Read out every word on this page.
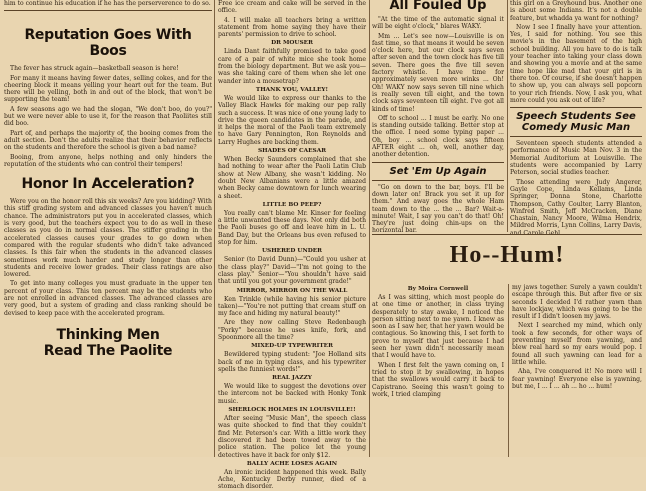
him to continue his education if he has the perserverence to do so.

Reputation Goes With Boos

The fever has struck again—basketball season is here!

For many it means having fewer dates, selling cokes, and for the cheering block it means yelling your heart out for the team. But there will be yelling, both in and out of the block, that won't be supporting the team!

A few seasons ago we had the slogan, "We don't boo, do you?" but we were never able to use it, for the reason that Paoliites still did boo.

Part of, and perhaps the majority of, the booing comes from the adult section. Don't the adults realize that their behavior reflects on the students and therefore the school is given a bad name?

Booing, from anyone, helps nothing and only hinders the reputation of the students who can control their tempers!

Honor In Acceleration?

Were you on the honor roll this six weeks? Are you kidding? With this stiff grading system and advanced classes you haven't much chance. The administrators put you in accelerated classes, which is very good, but the teachers expect you to do as well in these classes as you do in normal classes. The stiffer grading in the accelerated classes causes your grades to go down when compared with the regular students who didn't take advanced classes. Is this fair when the students in the advanced classes sometimes work much harder and study longer than other students and receive lower grades. Their class ratings are also lowered.

To get into many colleges you must graduate in the upper ten percent of your class. This ten percent may be the students who are not enrolled in advanced classes. The advanced classes are very good, but a system of grading and class ranking should be devised to keep pace with the accelerated program.

Thinking Men Read The Paolite

Free ice cream and cake will be served in the office.

4. I will make all teachers bring a written statement from home saying they have their parents' permission to drive to school.

DR MOUSER

Linda Dant faithfully promised to take good care of a pair of white mice she took home from the biology department. But we ask you—was she taking care of them when she let one wander into a mousetrap?

THANK YOU, VALLEY!

We would like to express our thanks to the Valley Black Hawks for making our pep rally such a success. It was nice of one young lady to drive the queen candidates in the parade, and it helps the moral of the Paoli team extremely to have Gary Pennington, Ron Reynolds and Larry Hughes are backing them.

SHADES OF CAESAR

When Becky Saunders complained that she had nothing to wear after the Paoli Latin Club show at New Albany, she wasn't kidding. No doubt New Albanians were a little amazed when Becky came downtown for lunch wearing a sheet.

LITTLE BO PEEP?

You really can't blame Mr. Kinser for feeling a little unwanted these days. Not only did both the Paoli buses go off and leave him in L. U. Band Day, but the Orleans bus even refused to stop for him.

USHERED UNDER

Senior (to David Dunn)—"Could you usher at the class play?" David—"I'm not going to the class play." Senior—"You shouldn't have said that until you got your government grade!"

MIRROR, MIRROR ON THE WALL

Ken Trinkle (while having his senior picture taken)—"You're not putting that cream stuff on my face and hiding my natural beauty!"

Are they now calling Steve Redenbaugh "Porky" because he uses knife, fork, and Spoonmore all the time?

MIXED-UP TYPEWRITER

Bewildered typing student: "Joe Holland sits back of me in typing class, and his typewriter spells the funniest words!"

REAL JAZZY

We would like to suggest the devotions over the intercom not be backed with Honky Tonk music.

SHERLOCK HOLMES IN LOUISVILLE!!

After seeing "Music Man", the speech class was quite shocked to find that they couldn't find Mr. Peterson's car. With a little work they discovered it had been towed away to the police station. The police let the young detectives have it back for only $12.

BALLY ACHE LOSES AGAIN

An ironic incident happened this week. Bally Ache, Kentucky Derby runner, died of a stomach disorder.

All Fouled Up

"At the time of the automatic signal it will be eight o'clock," blares WAKY.

Mm ... Let's see now—Louisville is on fast time, so that means it would be seven o'clock here, but our clock says seven after seven and the town clock has five till seven. There goes the five till seven factory whistle. I have time for approximately seven more winks ... Oh! Oh! WAKY now says seven till nine which is really seven till eight, and the town clock says seventeen till eight. I've got all kinds of time!

Off to school ... I must be early. No one is standing outside talking. Better stop at the office. I need some typing paper ... Oh, boy ... school clock says fifteen AFTER eight ... oh, well, another day, another detention.

Set 'Em Up Again

"Go on down to the bar, boys. I'll be down later on! Brack you set it up for them." And away goes the whole Ham team down to the ... the ... Bar? Wait-a-minute! Wait, I say you can't do that! Oh! They're just doing chin-ups on the horizontal bar.

this girl on a Greyhound bus. Another one is about some Indians. It's not a double feature, but whadda ya want for nothing?

Now I see I finally have your attention. Yes, I said for nothing. You see this movie's in the basement of the high school building. All you have to do is talk your teacher into taking your class down and showing you a movie and at the same time hope like mad that your girl is in there too. Of course, if she doesn't happen to show up, you can always sell popcorn to your rich friends. Now, I ask you, what more could you ask out of life?

Speech Students See Comedy Music Man

Seventeen speech students attended a performance of Music Man Nov. 3 in the Memorial Auditorium at Louisville. The students were accompanied by Larry Peterson, social studies teacher.

Those attending were Judy Angerer, Gayle Cope, Linda Kellams, Linda Springer, Donna Stone, Charlotte Thompson, Cathy Coulter, Larry Blanton, Winfred Smith, Jeff McCracken, Diane Chastain, Nancy Moore, Wilma Hendrix, Mildred Morris, Lynn Collins, Larry Davis,

Ho--Hum!
By Moira Cornwell

As I was sitting, which most people do at one time or another, in class trying desperately to stay awake, I noticed the person sitting next to me yawn. I knew as soon as I saw her, that her yawn would be contagious. So knowing this, I set forth to prove to myself that just because I had seen her yawn didn't necessarily mean that I would have to.

When I first felt the yawn coming on, I tried to stop it by swallowing, in hopes that the swallows would carry it back to Capistrano. Seeing this wasn't going to work, I tried clamping

my jaws together. Surely a yawn couldn't escape through this. But after five or six seconds I decided I'd rather yawn than have lockjaw, which was going to be the result if I didn't loosen my jaws.

Next I searched my mind, which only took a few seconds, for other ways of preventing myself from yawning, and blew real hard so my ears would pop. I found all such yawning can lead for a little while.

Aha, I've conquered it! No more will I fear yawning! Everyone else is yawning, but me, I ... I ... ah ... ho ... hum!
